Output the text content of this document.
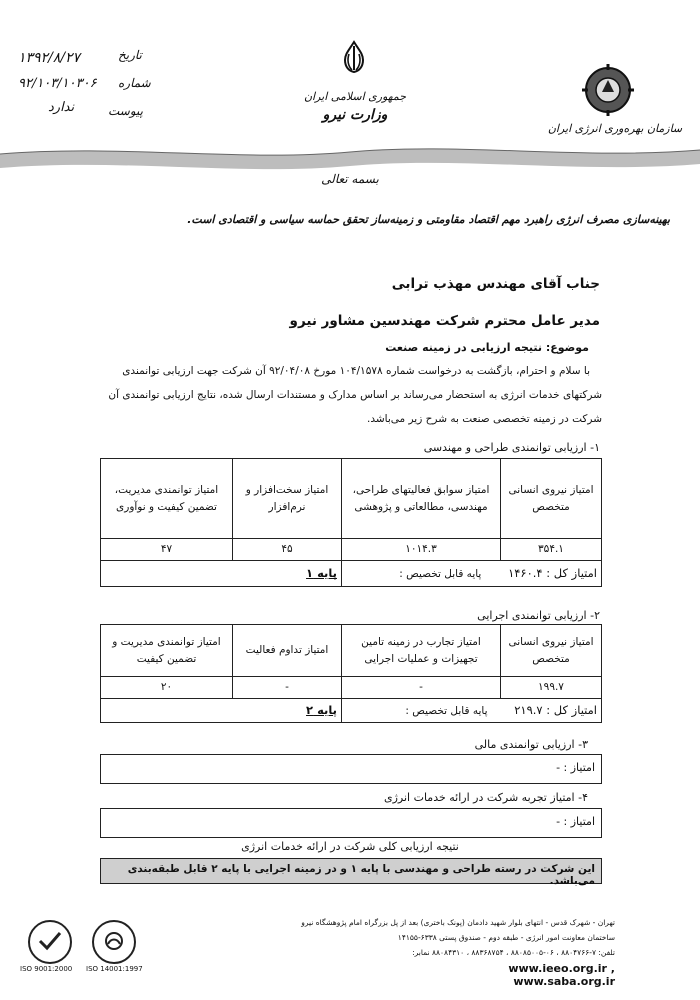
۱۳۹۲/۸/۲۷
۹۲/۱۰۳/۱۰۳۰۶
ندارد
تاریخ
شماره
پیوست
جمهوری اسلامی ایران
وزارت نیرو
سازمان بهره‌وری انرژی ایران
بسمه تعالی
بهینه‌سازی مصرف انرژی راهبرد مهم اقتصاد مقاومتی و زمینه‌ساز تحقق حماسه سیاسی و اقتصادی است.
جناب آقای مهندس مهذب ترابی
مدیر عامل محترم شرکت مهندسین مشاور نیرو
موضوع: نتیجه ارزیابی در زمینه صنعت
با سلام و احترام، بازگشت به درخواست شماره ۱۰۴/۱۵۷۸ مورخ ۹۲/۰۴/۰۸ آن شرکت جهت ارزیابی توانمندی
شرکتهای خدمات انرژی به استحضار می‌رساند بر اساس مدارک و مستندات ارسال شده، نتایج ارزیابی توانمندی آن
شرکت در زمینه تخصصی صنعت به شرح زیر می‌باشد.
۱- ارزیابی توانمندی طراحی و مهندسی
امتیاز نیروی انسانی متخصص	امتیاز سوابق فعالیتهای طراحی، مهندسی، مطالعاتی و پژوهشی	امتیاز سخت‌افزار و نرم‌افزار	امتیاز توانمندی مدیریت، تضمین کیفیت و نوآوری
۳۵۴.۱	۱۰۱۴.۳	۴۵	۴۷
امتیاز کل : ۱۴۶۰.۴        پایه قابل تخصیص :		پایه ۱	
۲- ارزیابی توانمندی اجرایی
امتیاز نیروی انسانی متخصص	امتیاز تجارب در زمینه تامین تجهیزات و عملیات اجرایی	امتیاز تداوم فعالیت	امتیاز توانمندی مدیریت و تضمین کیفیت
۱۹۹.۷	-	-	۲۰
امتیاز کل : ۲۱۹.۷        پایه قابل تخصیص :		پایه ۲	
۳- ارزیابی توانمندی مالی
امتیاز : -
۴- امتیاز تجربه شرکت در ارائه خدمات انرژی
امتیاز : -
نتیجه ارزیابی کلی شرکت در ارائه خدمات انرژی
این شرکت در رسته طراحی و مهندسی با پایه ۱ و در زمینه اجرایی با پایه ۲ قابل طبقه‌بندی می‌باشد.
ISO 9001:2000 ISO 14001:1997
تهران - شهرک قدس - انتهای بلوار شهید دادمان (پونک باختری) بعد از پل بزرگراه امام پژوهشگاه نیرو
ساختمان معاونت امور انرژی - طبقه دوم - صندوق پستی ۶۳۳۸-۱۴۱۵۵
تلفن: ۷-۸۸۰۴۷۶۶ ، ۰۶-۸۸۰۸۵۰۰۵ ، ۸۸۳۶۸۷۵۴ ، ۸۸۰۸۴۳۱۰ نمابر:
www.ieeo.org.ir , www.saba.org.ir
